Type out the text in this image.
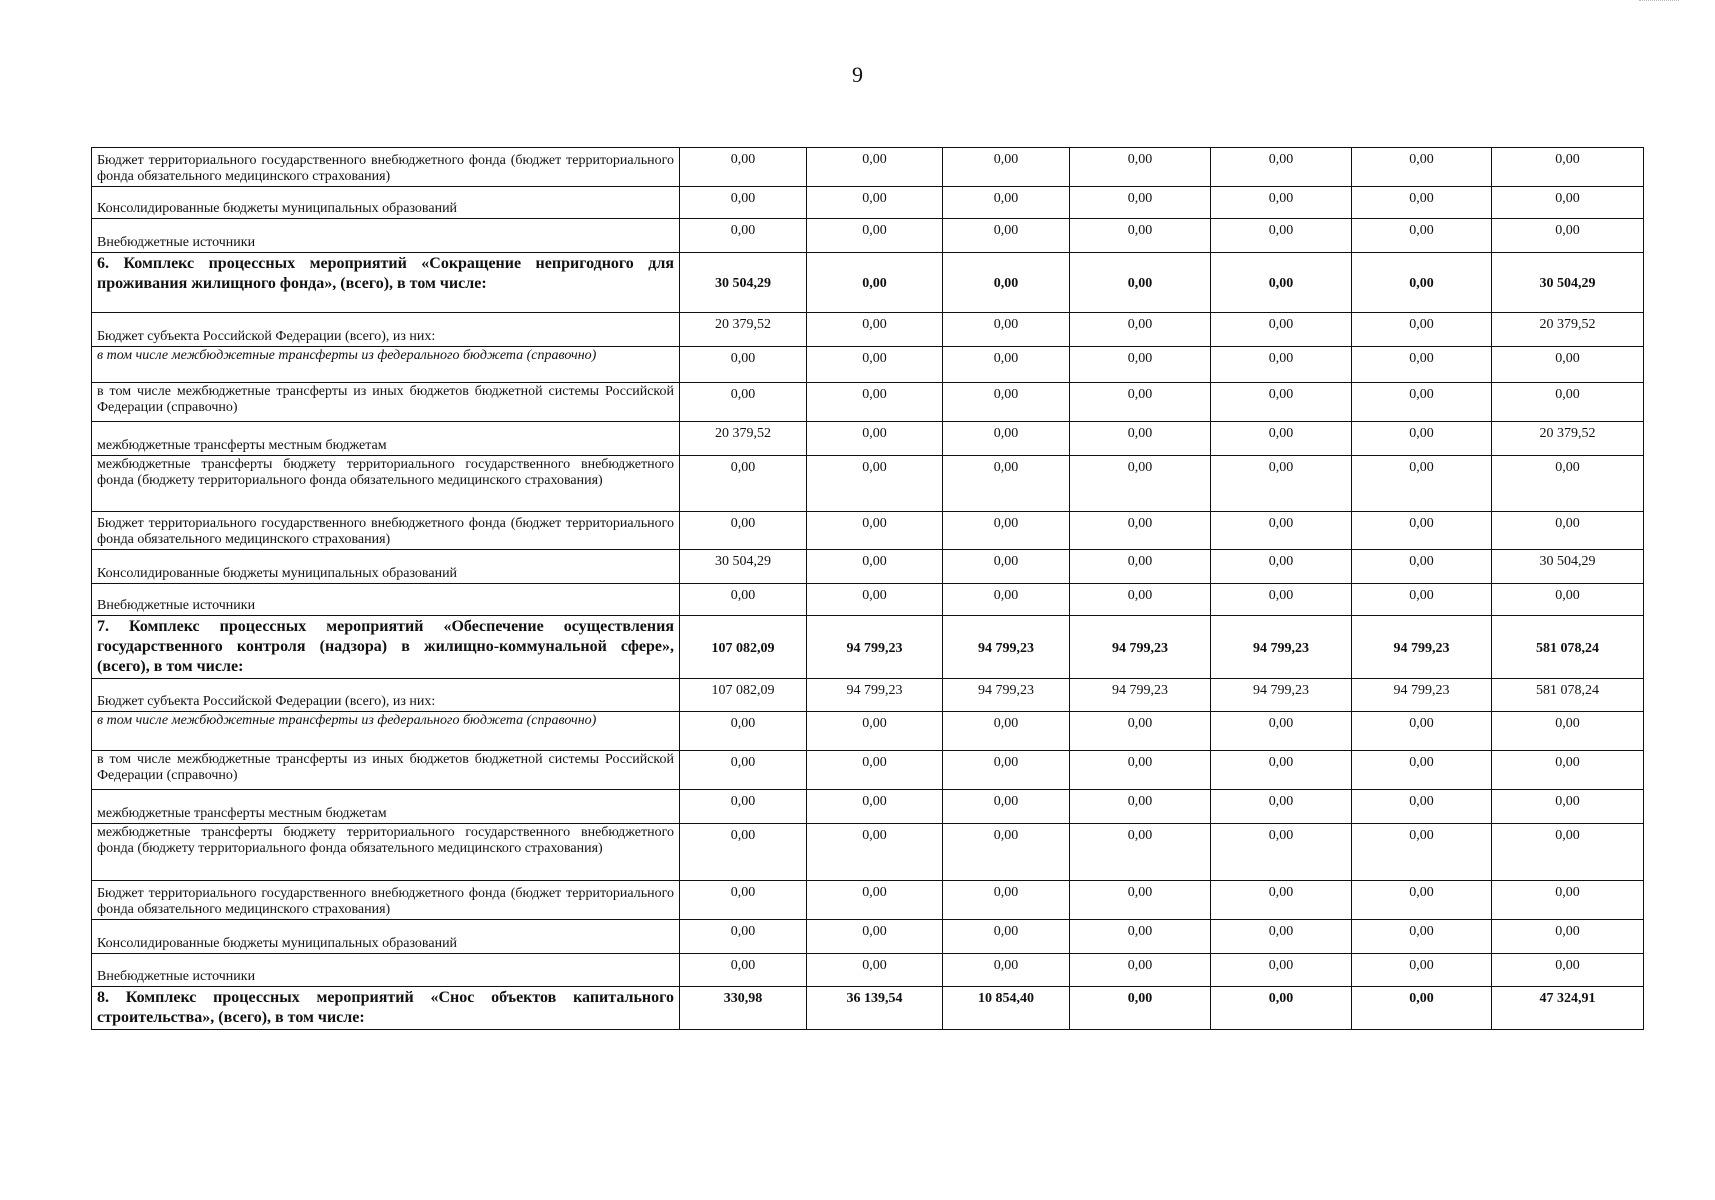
9
Бюджет территориального государственного внебюджетного фонда (бюджет территориального фонда обязательного медицинского страхования)	0,00	0,00	0,00	0,00	0,00	0,00	0,00
Консолидированные бюджеты муниципальных образований	0,00	0,00	0,00	0,00	0,00	0,00	0,00
Внебюджетные источники	0,00	0,00	0,00	0,00	0,00	0,00	0,00
6. Комплекс процессных мероприятий «Сокращение непригодного для проживания жилищного фонда», (всего), в том числе:	30 504,29	0,00	0,00	0,00	0,00	0,00	30 504,29
Бюджет субъекта Российской Федерации (всего), из них:	20 379,52	0,00	0,00	0,00	0,00	0,00	20 379,52
в том числе межбюджетные трансферты из федерального бюджета (справочно)	0,00	0,00	0,00	0,00	0,00	0,00	0,00
в том числе межбюджетные трансферты из иных бюджетов бюджетной системы Российской Федерации (справочно)	0,00	0,00	0,00	0,00	0,00	0,00	0,00
межбюджетные трансферты местным бюджетам	20 379,52	0,00	0,00	0,00	0,00	0,00	20 379,52
межбюджетные трансферты бюджету территориального государственного внебюджетного фонда (бюджету территориального фонда обязательного медицинского страхования)	0,00	0,00	0,00	0,00	0,00	0,00	0,00
Бюджет территориального государственного внебюджетного фонда (бюджет территориального фонда обязательного медицинского страхования)	0,00	0,00	0,00	0,00	0,00	0,00	0,00
Консолидированные бюджеты муниципальных образований	30 504,29	0,00	0,00	0,00	0,00	0,00	30 504,29
Внебюджетные источники	0,00	0,00	0,00	0,00	0,00	0,00	0,00
7. Комплекс процессных мероприятий «Обеспечение осуществления государственного контроля (надзора) в жилищно-коммунальной сфере», (всего), в том числе:	107 082,09	94 799,23	94 799,23	94 799,23	94 799,23	94 799,23	581 078,24
Бюджет субъекта Российской Федерации (всего), из них:	107 082,09	94 799,23	94 799,23	94 799,23	94 799,23	94 799,23	581 078,24
в том числе межбюджетные трансферты из федерального бюджета (справочно)	0,00	0,00	0,00	0,00	0,00	0,00	0,00
в том числе межбюджетные трансферты из иных бюджетов бюджетной системы Российской Федерации (справочно)	0,00	0,00	0,00	0,00	0,00	0,00	0,00
межбюджетные трансферты местным бюджетам	0,00	0,00	0,00	0,00	0,00	0,00	0,00
межбюджетные трансферты бюджету территориального государственного внебюджетного фонда (бюджету территориального фонда обязательного медицинского страхования)	0,00	0,00	0,00	0,00	0,00	0,00	0,00
Бюджет территориального государственного внебюджетного фонда (бюджет территориального фонда обязательного медицинского страхования)	0,00	0,00	0,00	0,00	0,00	0,00	0,00
Консолидированные бюджеты муниципальных образований	0,00	0,00	0,00	0,00	0,00	0,00	0,00
Внебюджетные источники	0,00	0,00	0,00	0,00	0,00	0,00	0,00
8. Комплекс процессных мероприятий «Снос объектов капитального строительства», (всего), в том числе:	330,98	36 139,54	10 854,40	0,00	0,00	0,00	47 324,91
